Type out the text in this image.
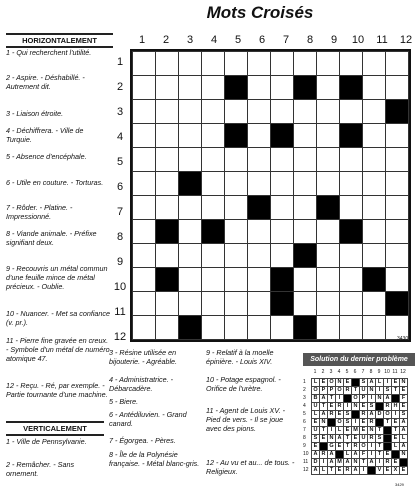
Mots Croisés
HORIZONTALEMENT
1 - Qui recherchent l'utilité.
2 - Aspire. - Déshabillé. - Autrement dit.
3 - Liaison étroite.
4 - Déchiffrera. - Ville de Turquie.
5 - Absence d'encéphale.
6 - Utile en couture. - Torturas.
7 - Rôder. - Platine. - Impressionné.
8 - Viande animale. - Préfixe signifiant deux.
9 - Recouvris un métal commun d'une feuille mince de métal précieux. - Oublie.
10 - Nuancer. - Met sa confiance (v. pr.).
11 - Pierre fine gravée en creux. - Symbole d'un métal de numéro atomique 47.
12 - Reçu. - Ré, par exemple. - Partie tournante d'une machine.
VERTICALEMENT
1 - Ville de Pennsylvanie.
2 - Remâcher. - Sans ornement.
3 - Résine utilisée en bijouterie. - Agréable.
4 - Administratrice. - Débarcadère.
5 - Biere.
6 - Antédiluvien. - Grand canard.
7 - Égorgea. - Pères.
8 - Île de la Polynésie française. - Métal blanc-gris.
9 - Relatif à la moelle épinière. - Louis XIV.
10 - Potage espagnol. - Orifice de l'urètre.
11 - Agent de Louis XV. - Pied de vers. - Il se joue avec des pions.
12 - Au vu et au... de tous. - Religieux.
1	2	3	4	5	6	7	8	9	10	11	12
1
2
3
4
5
6
7
8
9
10
11
12

												3430
Solution du dernier problème
1 2 3 4 5 6 7 8 9 10 11 12
1
2
3
4
5
6
7
8
9
10
11
12
L	E	O	N	E		S	A	L	I	E	N
O	P	P	O	R	T	U	N	I	S	T	E
B	A	T	I		O	P	I	N	A		F
U	T	E	R	I	N	E	S		R	H	E
L	A	R	E	S		R	A	D	O	I	S
E	N		O	S	I	E	R		T	E	A
U	T	I	L	E	M	E	N	T		T	A
S	E	N	A	T	E	U	R	S		E	L
E		G	E	T	R	O	I	T		L	A
A	R	A		L	A	F	I	T	E		N
D	I	A	M	A	N	T	A	I	R	E	
A	L	T	E	R	A	I		V	E	X	E
3429
